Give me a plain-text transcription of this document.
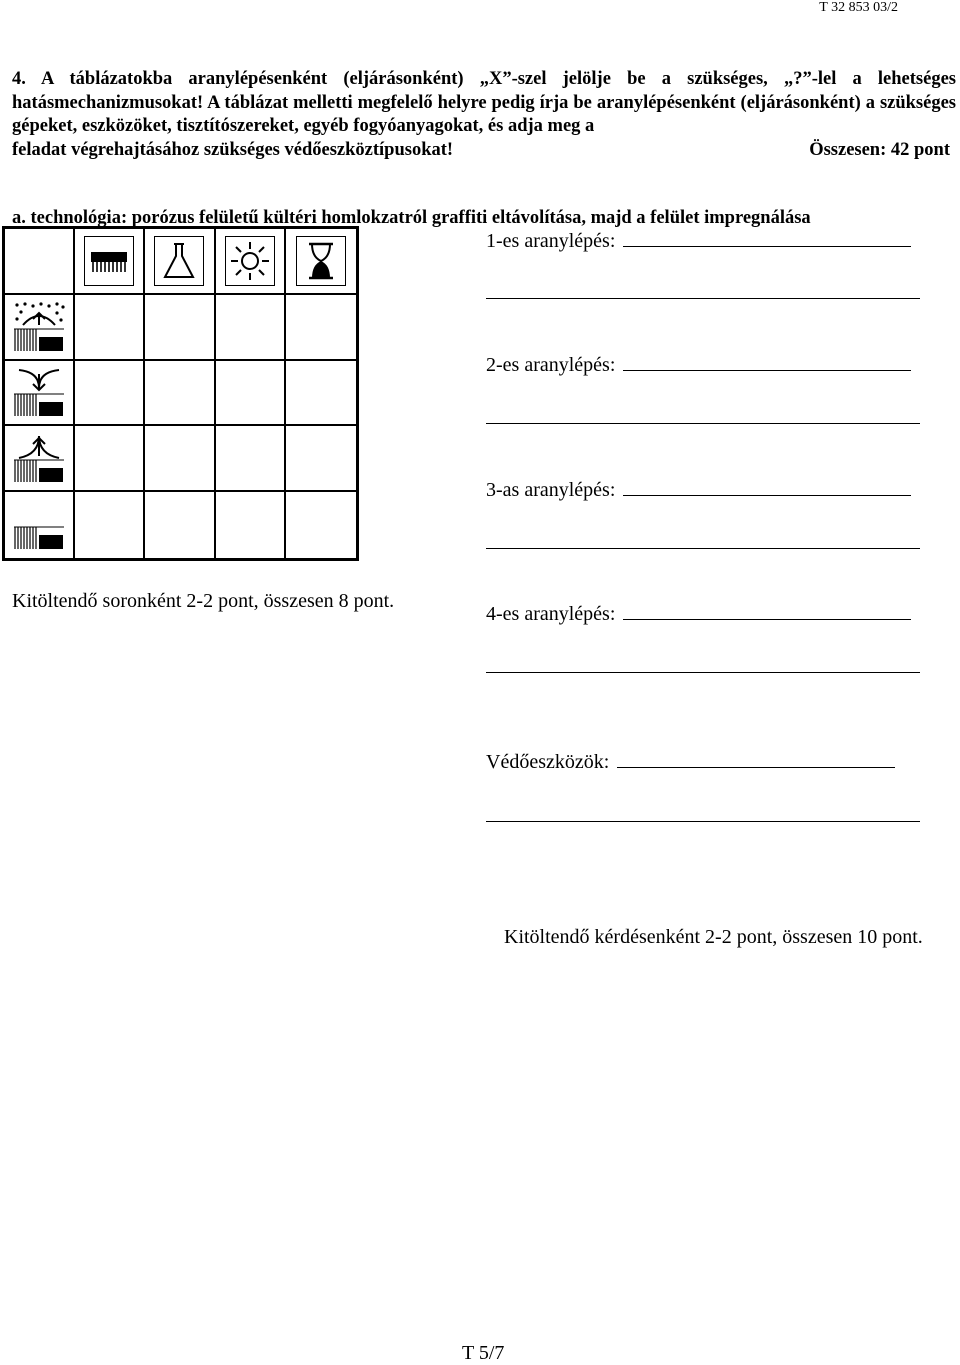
T 32 853 03/2
4. A táblázatokba aranylépésenként (eljárásonként) „X”-szel jelölje be a szükséges, „?”-lel a lehetséges hatásmechanizmusokat! A táblázat melletti megfelelő helyre pedig írja be aranylépésenként (eljárásonként) a szükséges gépeket, eszközöket, tisztítószereket, egyéb fogyóanyagokat, és adja meg a
feladat végrehajtásához szükséges védőeszköztípusokat!	Összesen: 42 pont
a. technológia: porózus felületű kültéri homlokzatról graffiti eltávolítása, majd a felület impregnálása
Kitöltendő soronként 2-2 pont, összesen 8 pont.
1-es aranylépés:
2-es aranylépés:
3-as aranylépés:
4-es aranylépés:
Védőeszközök:
Kitöltendő kérdésenként 2-2 pont, összesen 10 pont.
T 5/7
